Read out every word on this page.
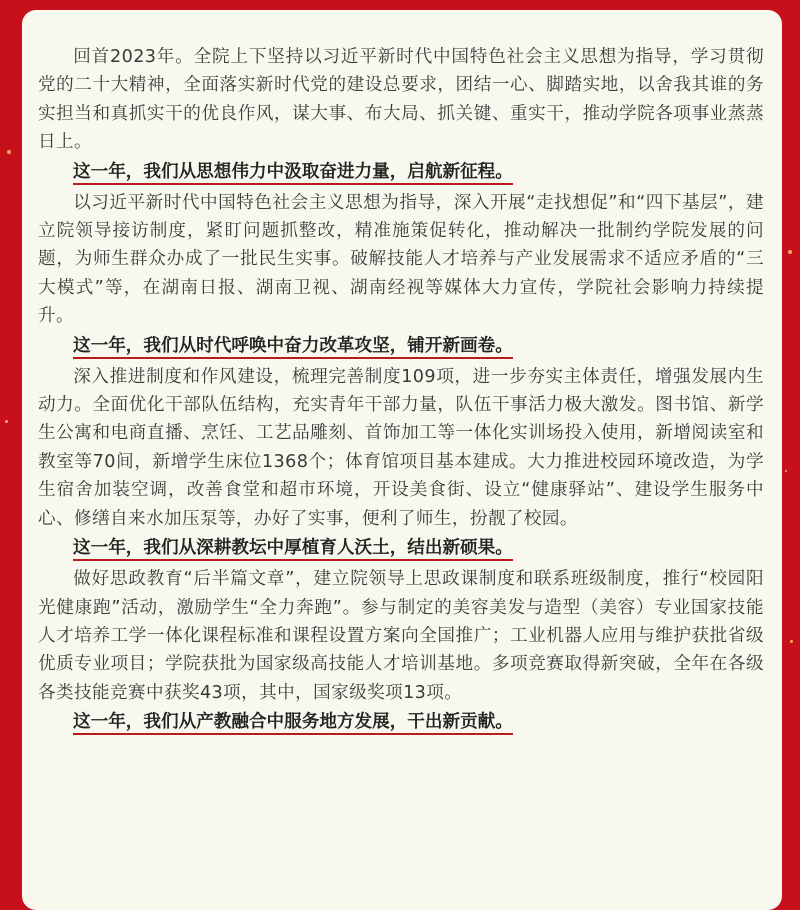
回首2023年。全院上下坚持以习近平新时代中国特色社会主义思想为指导，学习贯彻党的二十大精神，全面落实新时代党的建设总要求，团结一心、脚踏实地，以舍我其谁的务实担当和真抓实干的优良作风，谋大事、布大局、抓关键、重实干，推动学院各项事业蒸蒸日上。

这一年，我们从思想伟力中汲取奋进力量，启航新征程。

以习近平新时代中国特色社会主义思想为指导，深入开展“走找想促”和“四下基层”，建立院领导接访制度，紧盯问题抓整改，精准施策促转化，推动解决一批制约学院发展的问题，为师生群众办成了一批民生实事。破解技能人才培养与产业发展需求不适应矛盾的“三大模式”等，在湖南日报、湖南卫视、湖南经视等媒体大力宣传，学院社会影响力持续提升。

这一年，我们从时代呼唤中奋力改革攻坚，铺开新画卷。

深入推进制度和作风建设，梳理完善制度109项，进一步夯实主体责任，增强发展内生动力。全面优化干部队伍结构，充实青年干部力量，队伍干事活力极大激发。图书馆、新学生公寓和电商直播、烹饪、工艺品雕刻、首饰加工等一体化实训场投入使用，新增阅读室和教室等70间，新增学生床位1368个；体育馆项目基本建成。大力推进校园环境改造，为学生宿舍加装空调，改善食堂和超市环境，开设美食街、设立“健康驿站”、建设学生服务中心、修缮自来水加压泵等，办好了实事，便利了师生，扮靓了校园。

这一年，我们从深耕教坛中厚植育人沃土，结出新硕果。

做好思政教育“后半篇文章”，建立院领导上思政课制度和联系班级制度，推行“校园阳光健康跑”活动，激励学生“全力奔跑”。参与制定的美容美发与造型（美容）专业国家技能人才培养工学一体化课程标准和课程设置方案向全国推广；工业机器人应用与维护获批省级优质专业项目；学院获批为国家级高技能人才培训基地。多项竞赛取得新突破，全年在各级各类技能竞赛中获奖43项，其中，国家级奖项13项。

这一年，我们从产教融合中服务地方发展，干出新贡献。
